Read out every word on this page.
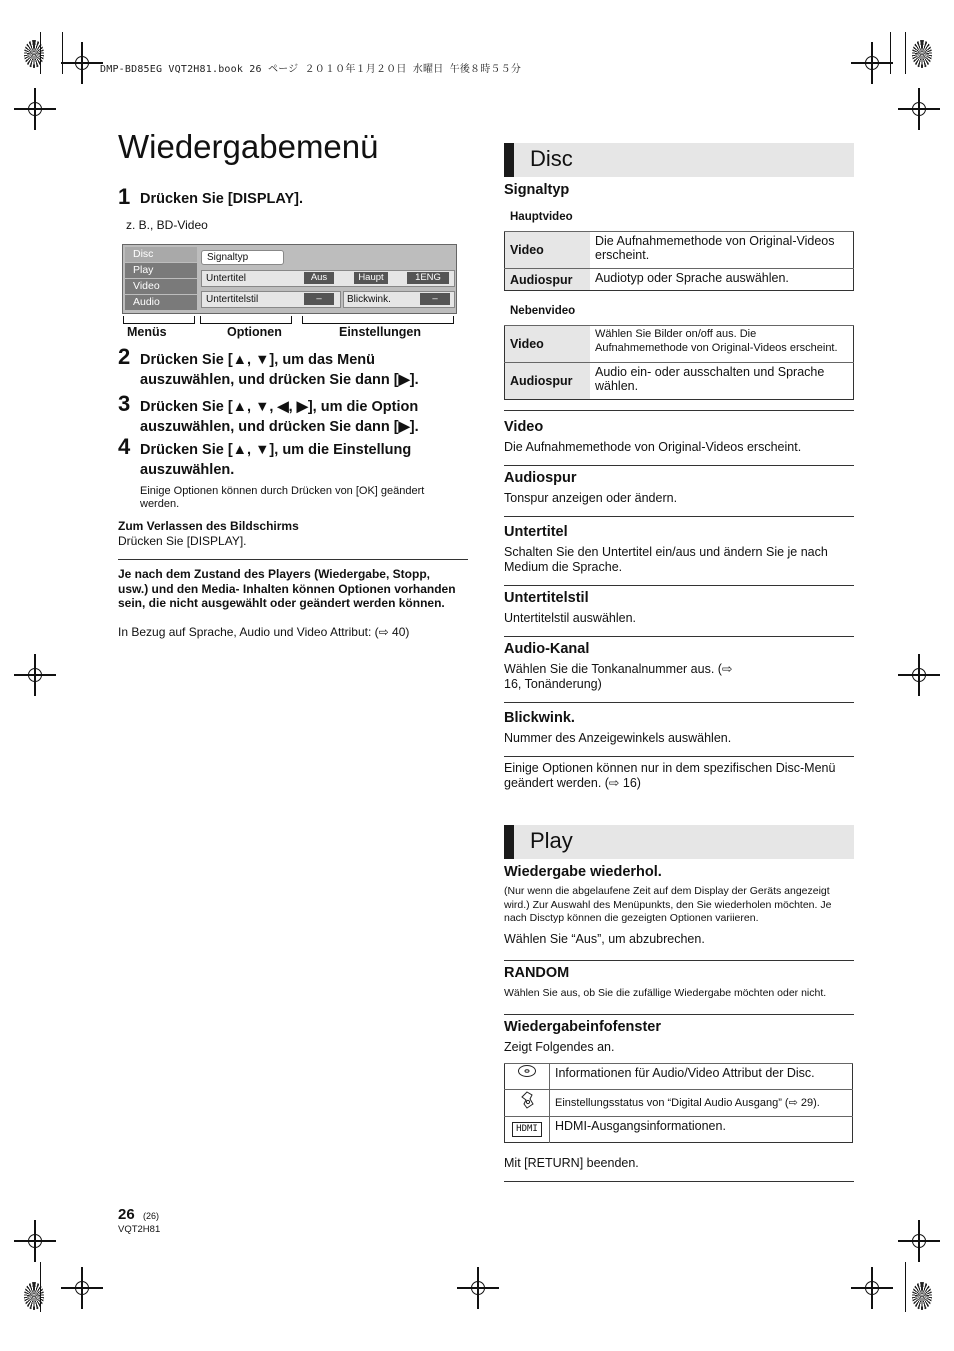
DMP-BD85EG VQT2H81.book 26 ページ ２０１０年１月２０日 水曜日 午後８時５５分
Wiedergabemenü
1 Drücken Sie [DISPLAY].
z. B., BD-Video
Disc
Play
Video
Audio
Signaltyp
Untertitel	Aus	Haupt	1ENG
Untertitelstil	–	Blickwink.	–
Menüs	Optionen	Einstellungen
2 Drücken Sie [▲, ▼], um das Menü auszuwählen, und drücken Sie dann [▶].
3 Drücken Sie [▲, ▼, ◀, ▶], um die Option auszuwählen, und drücken Sie dann [▶].
4 Drücken Sie [▲, ▼], um die Einstellung auszuwählen.
Einige Optionen können durch Drücken von [OK] geändert werden.
Zum Verlassen des Bildschirms
Drücken Sie [DISPLAY].
Je nach dem Zustand des Players (Wiedergabe, Stopp, usw.) und den Media- Inhalten können Optionen vorhanden sein, die nicht ausgewählt oder geändert werden können.
In Bezug auf Sprache, Audio und Video Attribut: (⇨ 40)
26 (26)
VQT2H81
Disc
Signaltyp
Hauptvideo
Video	Die Aufnahmemethode von Original-Videos erscheint.
Audiospur	Audiotyp oder Sprache auswählen.
Nebenvideo
Video	Wählen Sie Bilder on/off aus. Die Aufnahmemethode von Original-Videos erscheint.
Audiospur	Audio ein- oder ausschalten und Sprache wählen.
Video
Die Aufnahmemethode von Original-Videos erscheint.
Audiospur
Tonspur anzeigen oder ändern.
Untertitel
Schalten Sie den Untertitel ein/aus und ändern Sie je nach Medium die Sprache.
Untertitelstil
Untertitelstil auswählen.
Audio-Kanal
Wählen Sie die Tonkanalnummer aus. (⇨ 16, Tonänderung)
Blickwink.
Nummer des Anzeigewinkels auswählen.
Einige Optionen können nur in dem spezifischen Disc-Menü geändert werden. (⇨ 16)
Play
Wiedergabe wiederhol.
(Nur wenn die abgelaufene Zeit auf dem Display der Geräts angezeigt wird.) Zur Auswahl des Menüpunkts, den Sie wiederholen möchten. Je nach Disctyp können die gezeigten Optionen variieren.
Wählen Sie “Aus”, um abzubrechen.
RANDOM
Wählen Sie aus, ob Sie die zufällige Wiedergabe möchten oder nicht.
Wiedergabeinfofenster
Zeigt Folgendes an.
	Informationen für Audio/Video Attribut der Disc.
	Einstellungsstatus von “Digital Audio Ausgang” (⇨ 29).
HDMI	HDMI-Ausgangsinformationen.
Mit [RETURN] beenden.
